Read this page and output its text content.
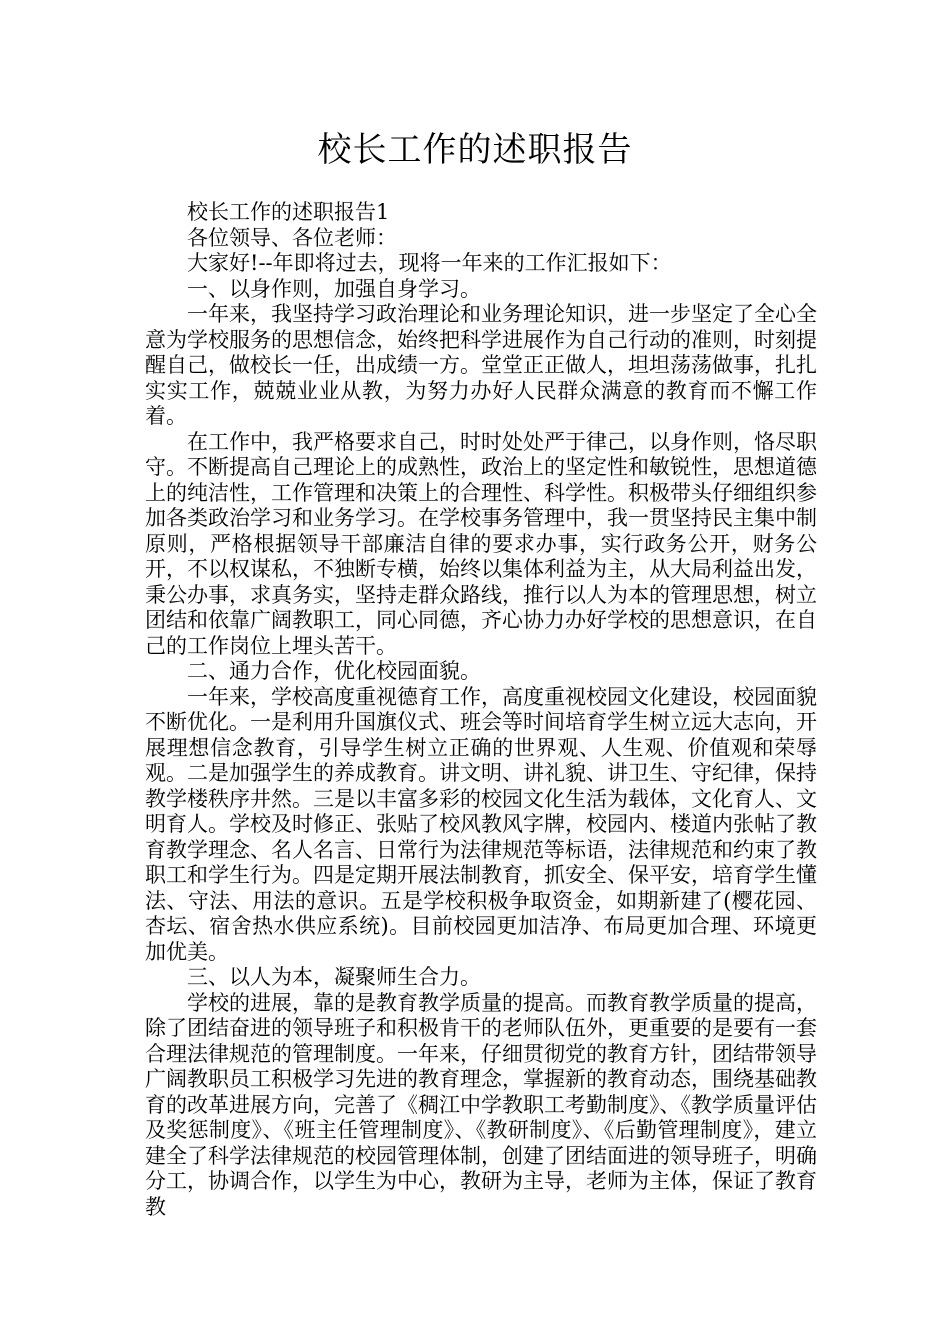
校长工作的述职报告

校长工作的述职报告1

各位领导、各位老师：

大家好!--年即将过去，现将一年来的工作汇报如下：

一、以身作则，加强自身学习。

一年来，我坚持学习政治理论和业务理论知识，进一步坚定了全心全意为学校服务的思想信念，始终把科学进展作为自己行动的准则，时刻提醒自己，做校长一任，出成绩一方。堂堂正正做人，坦坦荡荡做事，扎扎实实工作，兢兢业业从教，为努力办好人民群众满意的教育而不懈工作着。

在工作中，我严格要求自己，时时处处严于律己，以身作则，恪尽职守。不断提高自己理论上的成熟性，政治上的坚定性和敏锐性，思想道德上的纯洁性，工作管理和决策上的合理性、科学性。积极带头仔细组织参加各类政治学习和业务学习。在学校事务管理中，我一贯坚持民主集中制原则，严格根据领导干部廉洁自律的要求办事，实行政务公开，财务公开，不以权谋私，不独断专横，始终以集体利益为主，从大局利益出发，秉公办事，求真务实，坚持走群众路线，推行以人为本的管理思想，树立团结和依靠广阔教职工，同心同德，齐心协力办好学校的思想意识，在自己的工作岗位上埋头苦干。

二、通力合作，优化校园面貌。

一年来，学校高度重视德育工作，高度重视校园文化建设，校园面貌不断优化。一是利用升国旗仪式、班会等时间培育学生树立远大志向，开展理想信念教育，引导学生树立正确的世界观、人生观、价值观和荣辱观。二是加强学生的养成教育。讲文明、讲礼貌、讲卫生、守纪律，保持教学楼秩序井然。三是以丰富多彩的校园文化生活为载体，文化育人、文明育人。学校及时修正、张贴了校风教风字牌，校园内、楼道内张帖了教育教学理念、名人名言、日常行为法律规范等标语，法律规范和约束了教职工和学生行为。四是定期开展法制教育，抓安全、保平安，培育学生懂法、守法、用法的意识。五是学校积极争取资金，如期新建了(樱花园、杏坛、宿舍热水供应系统)。目前校园更加洁净、布局更加合理、环境更加优美。

三、以人为本，凝聚师生合力。

学校的进展，靠的是教育教学质量的提高。而教育教学质量的提高，除了团结奋进的领导班子和积极肯干的老师队伍外，更重要的是要有一套合理法律规范的管理制度。一年来，仔细贯彻党的教育方针，团结带领导广阔教职员工积极学习先进的教育理念，掌握新的教育动态，围绕基础教育的改革进展方向，完善了《稠江中学教职工考勤制度》、《教学质量评估及奖惩制度》、《班主任管理制度》、《教研制度》、《后勤管理制度》，建立建全了科学法律规范的校园管理体制，创建了团结面进的领导班子，明确分工，协调合作，以学生为中心，教研为主导，老师为主体，保证了教育教
